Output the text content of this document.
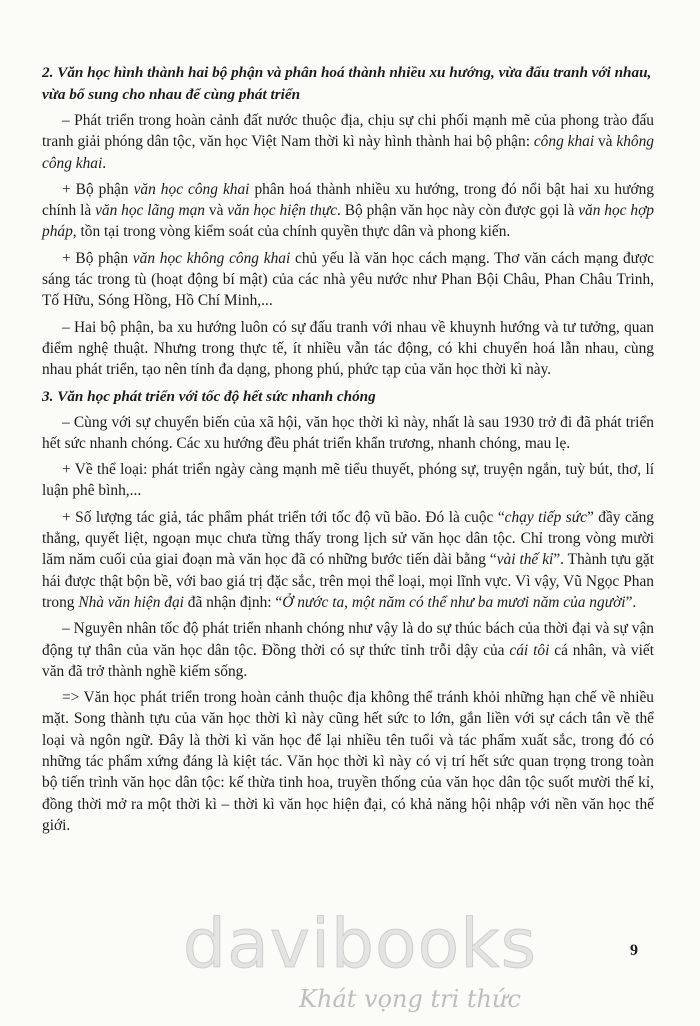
2. Văn học hình thành hai bộ phận và phân hoá thành nhiều xu hướng, vừa đấu tranh với nhau, vừa bổ sung cho nhau để cùng phát triển

– Phát triển trong hoàn cảnh đất nước thuộc địa, chịu sự chi phối mạnh mẽ của phong trào đấu tranh giải phóng dân tộc, văn học Việt Nam thời kì này hình thành hai bộ phận: công khai và không công khai.

+ Bộ phận văn học công khai phân hoá thành nhiều xu hướng, trong đó nổi bật hai xu hướng chính là văn học lãng mạn và văn học hiện thực. Bộ phận văn học này còn được gọi là văn học hợp pháp, tồn tại trong vòng kiểm soát của chính quyền thực dân và phong kiến.

+ Bộ phận văn học không công khai chủ yếu là văn học cách mạng. Thơ văn cách mạng được sáng tác trong tù (hoạt động bí mật) của các nhà yêu nước như Phan Bội Châu, Phan Châu Trinh, Tố Hữu, Sóng Hồng, Hồ Chí Minh,...

– Hai bộ phận, ba xu hướng luôn có sự đấu tranh với nhau về khuynh hướng và tư tưởng, quan điểm nghệ thuật. Nhưng trong thực tế, ít nhiều vẫn tác động, có khi chuyển hoá lẫn nhau, cùng nhau phát triển, tạo nên tính đa dạng, phong phú, phức tạp của văn học thời kì này.

3. Văn học phát triển với tốc độ hết sức nhanh chóng

– Cùng với sự chuyển biến của xã hội, văn học thời kì này, nhất là sau 1930 trở đi đã phát triển hết sức nhanh chóng. Các xu hướng đều phát triển khẩn trương, nhanh chóng, mau lẹ.

+ Về thể loại: phát triển ngày càng mạnh mẽ tiểu thuyết, phóng sự, truyện ngắn, tuỳ bút, thơ, lí luận phê bình,...

+ Số lượng tác giả, tác phẩm phát triển tới tốc độ vũ bão. Đó là cuộc “chạy tiếp sức” đầy căng thẳng, quyết liệt, ngoạn mục chưa từng thấy trong lịch sử văn học dân tộc. Chỉ trong vòng mười lăm năm cuối của giai đoạn mà văn học đã có những bước tiến dài bằng “vài thế kỉ”. Thành tựu gặt hái được thật bộn bề, với bao giá trị đặc sắc, trên mọi thể loại, mọi lĩnh vực. Vì vậy, Vũ Ngọc Phan trong Nhà văn hiện đại đã nhận định: “Ở nước ta, một năm có thể như ba mươi năm của người”.

– Nguyên nhân tốc độ phát triển nhanh chóng như vậy là do sự thúc bách của thời đại và sự vận động tự thân của văn học dân tộc. Đồng thời có sự thức tỉnh trỗi dậy của cái tôi cá nhân, và viết văn đã trở thành nghề kiếm sống.

=> Văn học phát triển trong hoàn cảnh thuộc địa không thể tránh khỏi những hạn chế về nhiều mặt. Song thành tựu của văn học thời kì này cũng hết sức to lớn, gắn liền với sự cách tân về thể loại và ngôn ngữ. Đây là thời kì văn học để lại nhiều tên tuổi và tác phẩm xuất sắc, trong đó có những tác phẩm xứng đáng là kiệt tác. Văn học thời kì này có vị trí hết sức quan trọng trong toàn bộ tiến trình văn học dân tộc: kế thừa tinh hoa, truyền thống của văn học dân tộc suốt mười thế kỉ, đồng thời mở ra một thời kì – thời kì văn học hiện đại, có khả năng hội nhập với nền văn học thế giới.

9
davibooks
Khát vọng tri thức
